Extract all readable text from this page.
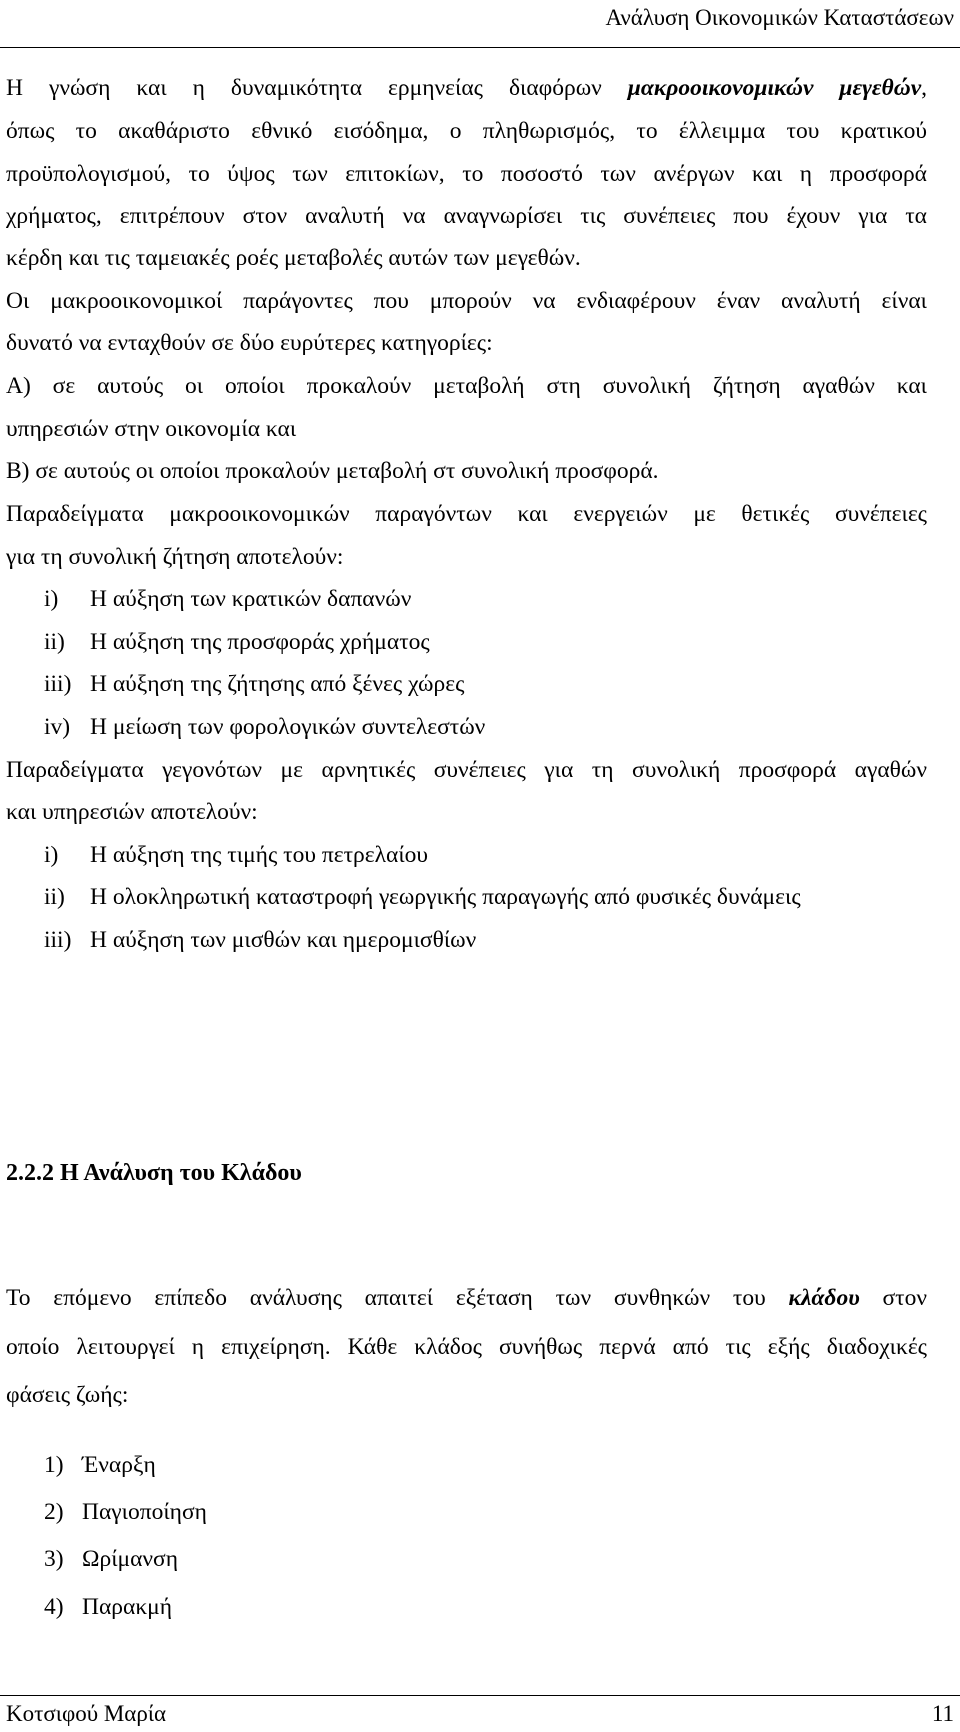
Ανάλυση Οικονομικών Καταστάσεων
Η γνώση και η δυναμικότητα ερμηνείας διαφόρων μακροοικονομικών μεγεθών,
όπως το ακαθάριστο εθνικό εισόδημα, ο πληθωρισμός, το έλλειμμα του κρατικού
προϋπολογισμού, το ύψος των επιτοκίων, το ποσοστό των ανέργων και η προσφορά
χρήματος, επιτρέπουν στον αναλυτή να αναγνωρίσει τις συνέπειες που έχουν για τα
κέρδη και τις ταμειακές ροές μεταβολές αυτών των μεγεθών.
Οι μακροοικονομικοί παράγοντες που μπορούν να ενδιαφέρουν έναν αναλυτή είναι
δυνατό να ενταχθούν σε δύο ευρύτερες κατηγορίες:
Α) σε αυτούς οι οποίοι προκαλούν μεταβολή στη συνολική ζήτηση αγαθών και
υπηρεσιών στην οικονομία και
Β) σε αυτούς οι οποίοι προκαλούν μεταβολή στ συνολική προσφορά.
Παραδείγματα μακροοικονομικών παραγόντων και ενεργειών με θετικές συνέπειες
για τη συνολική ζήτηση αποτελούν:
i) Η αύξηση των κρατικών δαπανών
ii) Η αύξηση της προσφοράς χρήματος
iii) Η αύξηση της ζήτησης από ξένες χώρες
iv) Η μείωση των φορολογικών συντελεστών
Παραδείγματα γεγονότων με αρνητικές συνέπειες για τη συνολική προσφορά αγαθών
και υπηρεσιών αποτελούν:
i) Η αύξηση της τιμής του πετρελαίου
ii) Η ολοκληρωτική καταστροφή γεωργικής παραγωγής από φυσικές δυνάμεις
iii) Η αύξηση των μισθών και ημερομισθίων
2.2.2 Η Ανάλυση του Κλάδου
Το επόμενο επίπεδο ανάλυσης απαιτεί εξέταση των συνθηκών του κλάδου στον
οποίο λειτουργεί η επιχείρηση. Κάθε κλάδος συνήθως περνά από τις εξής διαδοχικές
φάσεις ζωής:
1) Έναρξη
2) Παγιοποίηση
3) Ωρίμανση
4) Παρακμή
Κοτσιφού Μαρία	11
